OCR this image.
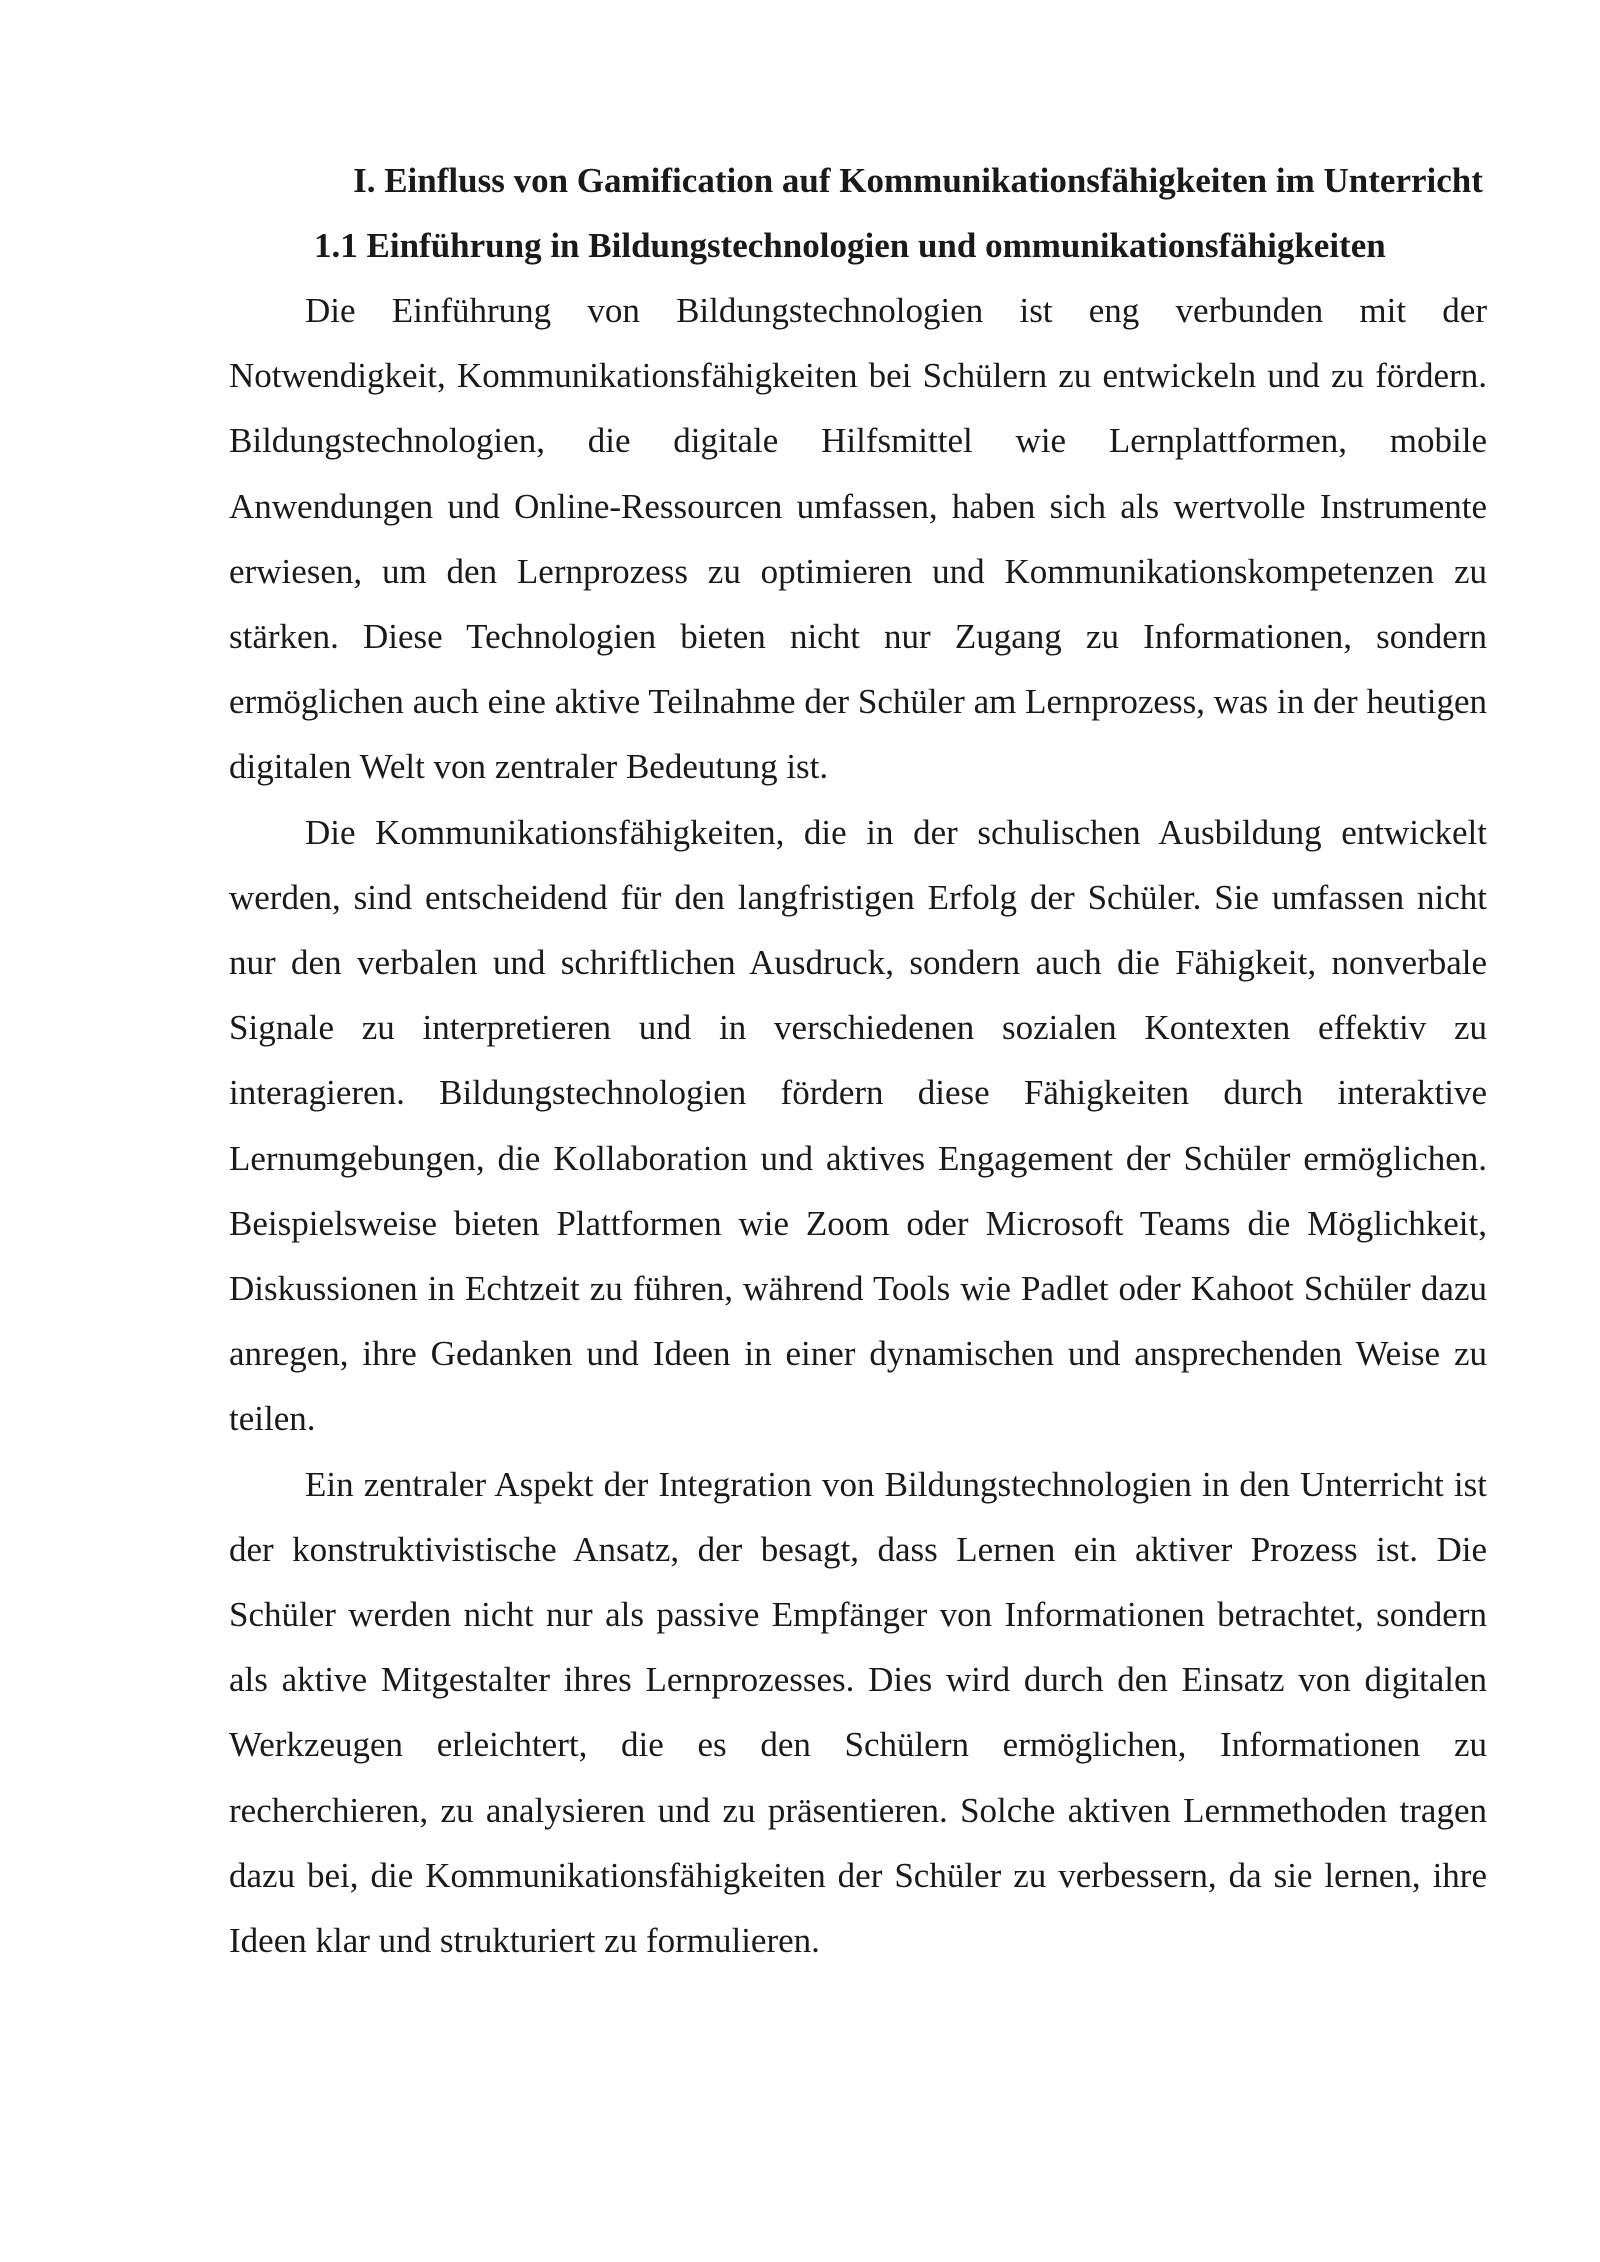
I. Einfluss von Gamification auf Kommunikationsfähigkeiten im Unterricht
1.1 Einführung in Bildungstechnologien und ommunikationsfähigkeiten

Die Einführung von Bildungstechnologien ist eng verbunden mit der Notwendigkeit, Kommunikationsfähigkeiten bei Schülern zu entwickeln und zu fördern. Bildungstechnologien, die digitale Hilfsmittel wie Lernplattformen, mobile Anwendungen und Online-Ressourcen umfassen, haben sich als wertvolle Instrumente erwiesen, um den Lernprozess zu optimieren und Kommunikationskompetenzen zu stärken. Diese Technologien bieten nicht nur Zugang zu Informationen, sondern ermöglichen auch eine aktive Teilnahme der Schüler am Lernprozess, was in der heutigen digitalen Welt von zentraler Bedeutung ist.

Die Kommunikationsfähigkeiten, die in der schulischen Ausbildung entwickelt werden, sind entscheidend für den langfristigen Erfolg der Schüler. Sie umfassen nicht nur den verbalen und schriftlichen Ausdruck, sondern auch die Fähigkeit, nonverbale Signale zu interpretieren und in verschiedenen sozialen Kontexten effektiv zu interagieren. Bildungstechnologien fördern diese Fähigkeiten durch interaktive Lernumgebungen, die Kollaboration und aktives Engagement der Schüler ermöglichen. Beispielsweise bieten Plattformen wie Zoom oder Microsoft Teams die Möglichkeit, Diskussionen in Echtzeit zu führen, während Tools wie Padlet oder Kahoot Schüler dazu anregen, ihre Gedanken und Ideen in einer dynamischen und ansprechenden Weise zu teilen.

Ein zentraler Aspekt der Integration von Bildungstechnologien in den Unterricht ist der konstruktivistische Ansatz, der besagt, dass Lernen ein aktiver Prozess ist. Die Schüler werden nicht nur als passive Empfänger von Informationen betrachtet, sondern als aktive Mitgestalter ihres Lernprozesses. Dies wird durch den Einsatz von digitalen Werkzeugen erleichtert, die es den Schülern ermöglichen, Informationen zu recherchieren, zu analysieren und zu präsentieren. Solche aktiven Lernmethoden tragen dazu bei, die Kommunikationsfähigkeiten der Schüler zu verbessern, da sie lernen, ihre Ideen klar und strukturiert zu formulieren.
